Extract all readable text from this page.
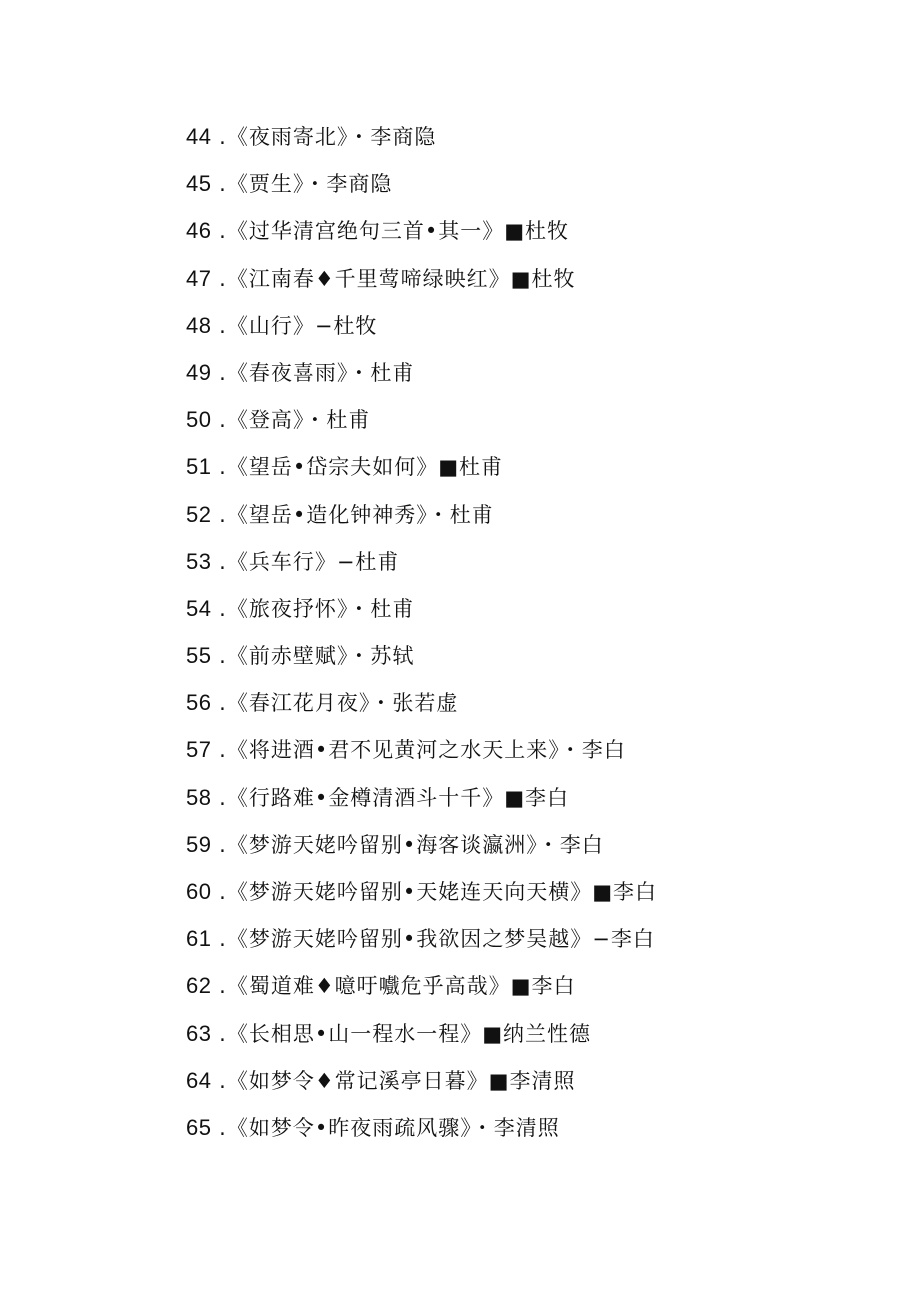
44 .《夜雨寄北》・李商隐
45 .《贾生》・李商隐
46 .《过华清宫绝句三首•其一》■杜牧
47 .《江南春♦千里莺啼绿映红》■杜牧
48 .《山行》−杜牧
49 .《春夜喜雨》・杜甫
50 .《登高》・杜甫
51 .《望岳•岱宗夫如何》■杜甫
52 .《望岳•造化钟神秀》・杜甫
53 .《兵车行》−杜甫
54 .《旅夜抒怀》・杜甫
55 .《前赤壁赋》・苏轼
56 .《春江花月夜》・张若虚
57 .《将进酒•君不见黄河之水天上来》・李白
58 .《行路难•金樽清酒斗十千》■李白
59 .《梦游天姥吟留别•海客谈瀛洲》・李白
60 .《梦游天姥吟留别•天姥连天向天横》■李白
61 .《梦游天姥吟留别•我欲因之梦吴越》−李白
62 .《蜀道难♦噫吁嚱危乎高哉》■李白
63 .《长相思•山一程水一程》■纳兰性德
64 .《如梦令♦常记溪亭日暮》■李清照
65 .《如梦令•昨夜雨疏风骤》・李清照
